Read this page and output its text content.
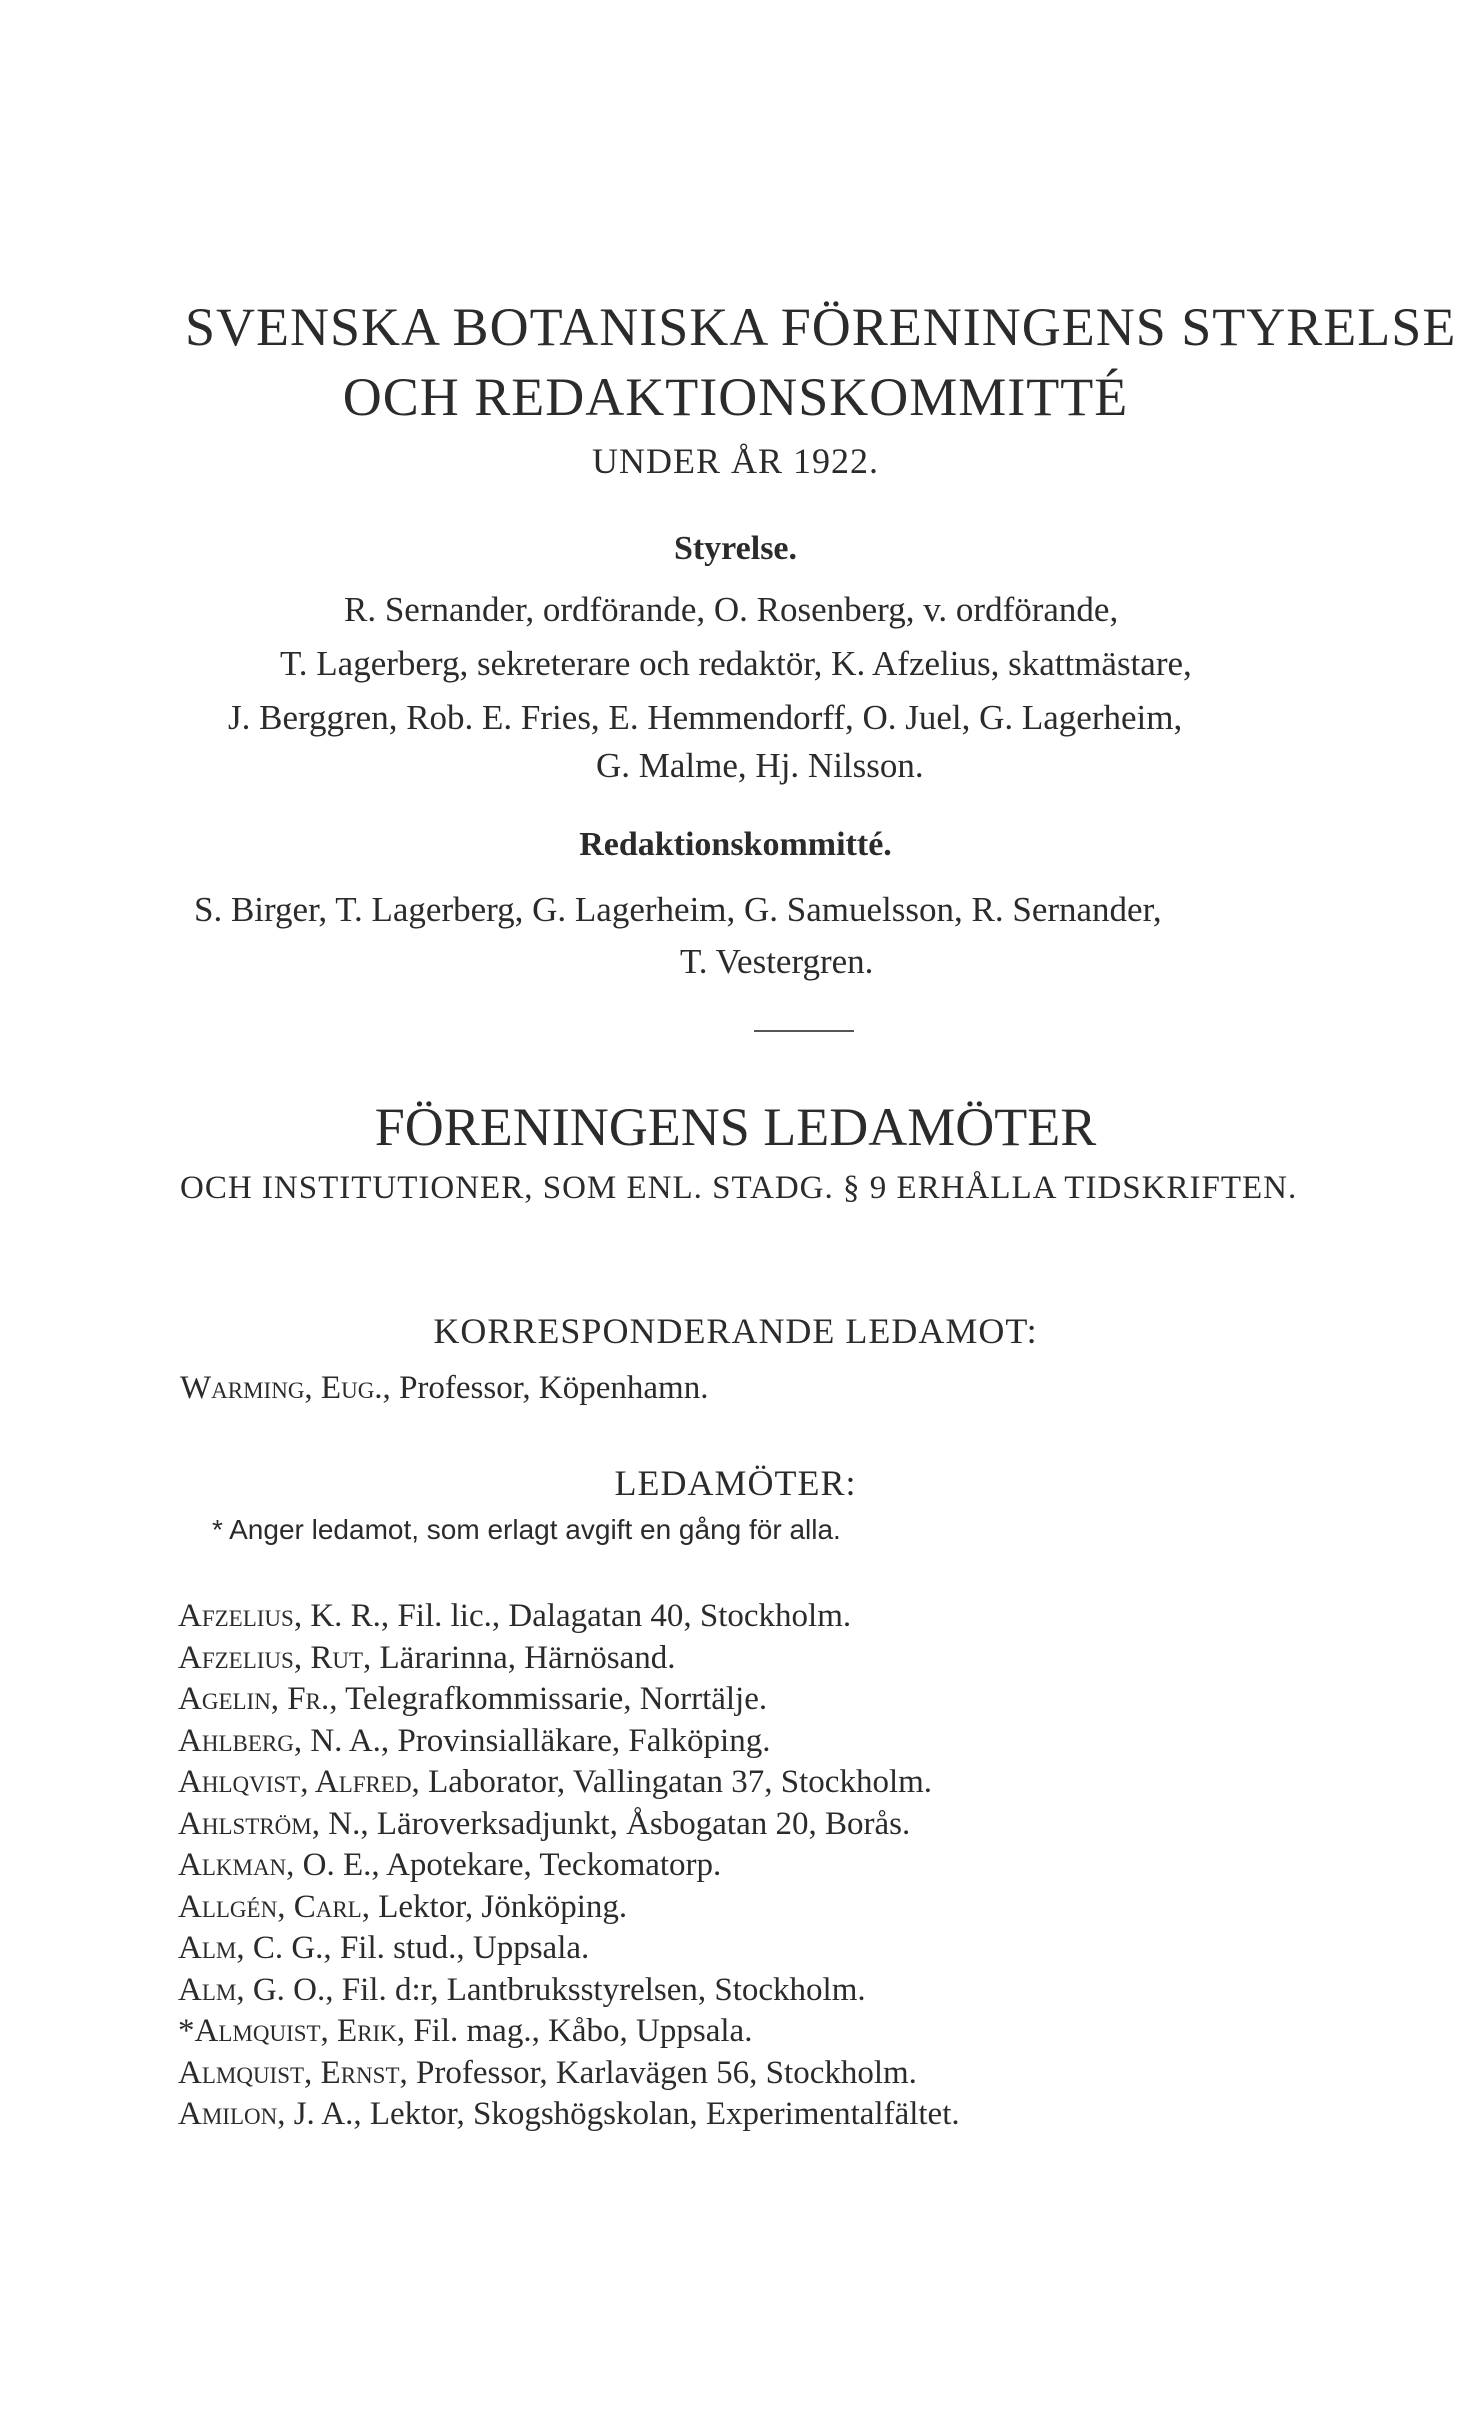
SVENSKA BOTANISKA FÖRENINGENS STYRELSE
OCH REDAKTIONSKOMMITTÉ
UNDER ÅR 1922.
Styrelse.
R. Sernander, ordförande, O. Rosenberg, v. ordförande,
T. Lagerberg, sekreterare och redaktör, K. Afzelius, skattmästare,
J. Berggren, Rob. E. Fries, E. Hemmendorff, O. Juel, G. Lagerheim,
G. Malme, Hj. Nilsson.
Redaktionskommitté.
S. Birger, T. Lagerberg, G. Lagerheim, G. Samuelsson, R. Sernander,
T. Vestergren.
FÖRENINGENS LEDAMÖTER
OCH INSTITUTIONER, SOM ENL. STADG. § 9 ERHÅLLA TIDSKRIFTEN.
KORRESPONDERANDE LEDAMOT:
Warming, Eug., Professor, Köpenhamn.
LEDAMÖTER:
* Anger ledamot, som erlagt avgift en gång för alla.
Afzelius, K. R., Fil. lic., Dalagatan 40, Stockholm.
Afzelius, Rut, Lärarinna, Härnösand.
Agelin, Fr., Telegrafkommissarie, Norrtälje.
Ahlberg, N. A., Provinsialläkare, Falköping.
Ahlqvist, Alfred, Laborator, Vallingatan 37, Stockholm.
Ahlström, N., Läroverksadjunkt, Åsbogatan 20, Borås.
Alkman, O. E., Apotekare, Teckomatorp.
Allgén, Carl, Lektor, Jönköping.
Alm, C. G., Fil. stud., Uppsala.
Alm, G. O., Fil. d:r, Lantbruksstyrelsen, Stockholm.
*Almquist, Erik, Fil. mag., Kåbo, Uppsala.
Almquist, Ernst, Professor, Karlavägen 56, Stockholm.
Amilon, J. A., Lektor, Skogshögskolan, Experimentalfältet.
